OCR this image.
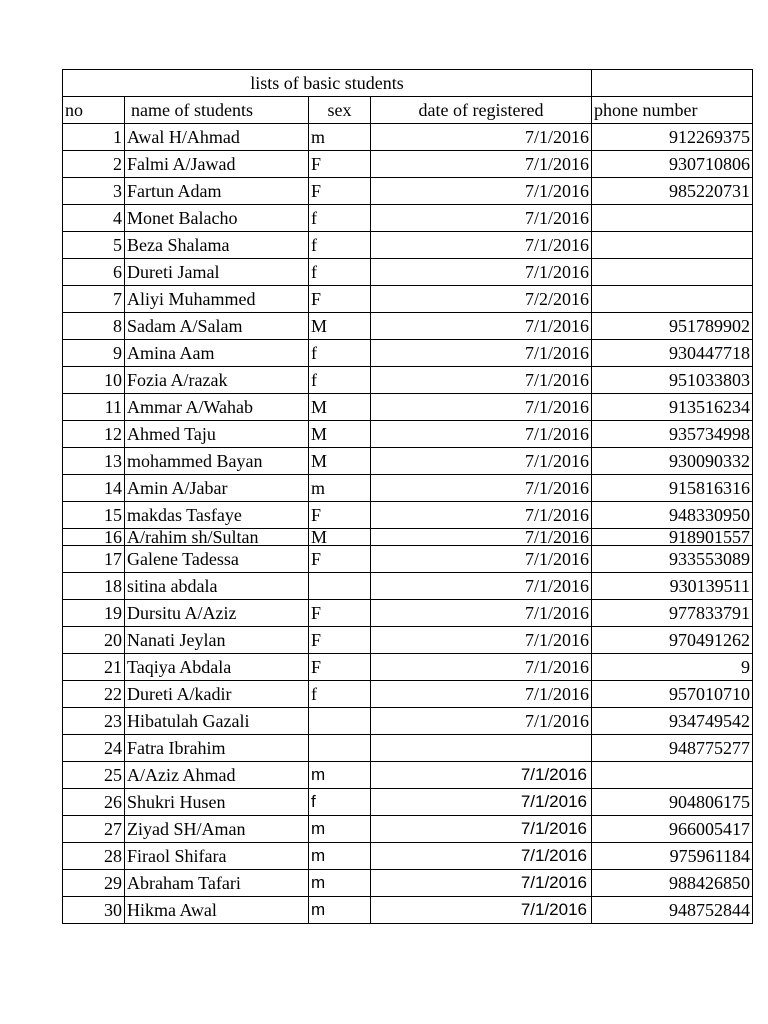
lists of basic students				
no	name of students	sex	date of registered	phone number
1	Awal H/Ahmad	m	7/1/2016	912269375
2	Falmi A/Jawad	F	7/1/2016	930710806
3	Fartun Adam	F	7/1/2016	985220731
4	Monet Balacho	f	7/1/2016	
5	Beza Shalama	f	7/1/2016	
6	Dureti Jamal	f	7/1/2016	
7	Aliyi Muhammed	F	7/2/2016	
8	Sadam A/Salam	M	7/1/2016	951789902
9	Amina Aam	f	7/1/2016	930447718
10	Fozia A/razak	f	7/1/2016	951033803
11	Ammar A/Wahab	M	7/1/2016	913516234
12	Ahmed Taju	M	7/1/2016	935734998
13	mohammed Bayan	M	7/1/2016	930090332
14	Amin A/Jabar	m	7/1/2016	915816316
15	makdas Tasfaye	F	7/1/2016	948330950
16	A/rahim sh/Sultan	M	7/1/2016	918901557
17	Galene Tadessa	F	7/1/2016	933553089
18	sitina abdala		7/1/2016	930139511
19	Dursitu A/Aziz	F	7/1/2016	977833791
20	Nanati Jeylan	F	7/1/2016	970491262
21	Taqiya Abdala	F	7/1/2016	9
22	Dureti A/kadir	f	7/1/2016	957010710
23	Hibatulah Gazali		7/1/2016	934749542
24	Fatra Ibrahim			948775277
25	A/Aziz Ahmad	m	7/1/2016	
26	Shukri Husen	f	7/1/2016	904806175
27	Ziyad SH/Aman	m	7/1/2016	966005417
28	Firaol Shifara	m	7/1/2016	975961184
29	Abraham Tafari	m	7/1/2016	988426850
30	Hikma Awal	m	7/1/2016	948752844
